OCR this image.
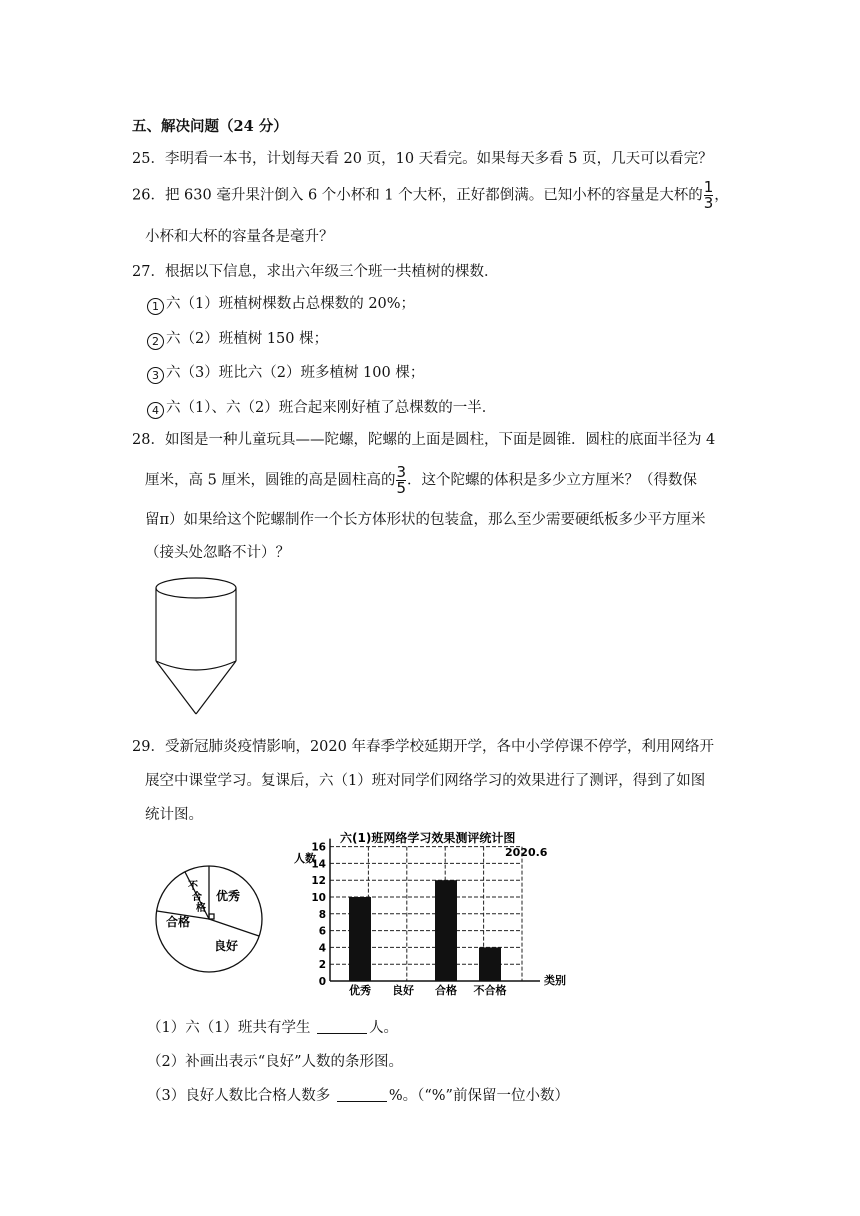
五、解决问题（24 分）
25．李明看一本书，计划每天看 20 页，10 天看完。如果每天多看 5 页，几天可以看完？
26．把 630 毫升果汁倒入 6 个小杯和 1 个大杯，正好都倒满。已知小杯的容量是大杯的 $\frac{1}{3}$ ，
小杯和大杯的容量各是毫升？
27．根据以下信息，求出六年级三个班一共植树的棵数．
1 六（1）班植树棵数占总棵数的 20%；
2 六（2）班植树 150 棵；
3 六（3）班比六（2）班多植树 100 棵；
4 六（1）、六（2）班合起来刚好植了总棵数的一半．
28．如图是一种儿童玩具——陀螺，陀螺的上面是圆柱，下面是圆锥．圆柱的底面半径为 4
厘米，高 5 厘米，圆锥的高是圆柱高的 $\frac{3}{5}$ ．这个陀螺的体积是多少立方厘米？（得数保
留π）如果给这个陀螺制作一个长方体形状的包装盒，那么至少需要硬纸板多少平方厘米
（接头处忽略不计）？
29．受新冠肺炎疫情影响，2020 年春季学校延期开学，各中小学停课不停学，利用网络开
展空中课堂学习。复课后，六（1）班对同学们网络学习的效果进行了测评，得到了如图
统计图。
优秀
良好
合格
不
合
格
六(1)班网络学习效果测评统计图
2020.6
人数
类别
0
2
4
6
8
10
12
14
16
优秀 良好 合格 不合格
（1）六（1）班共有学生	人。
（2）补画出表示“良好”人数的条形图。
（3）良好人数比合格人数多	%。（“%”前保留一位小数）
